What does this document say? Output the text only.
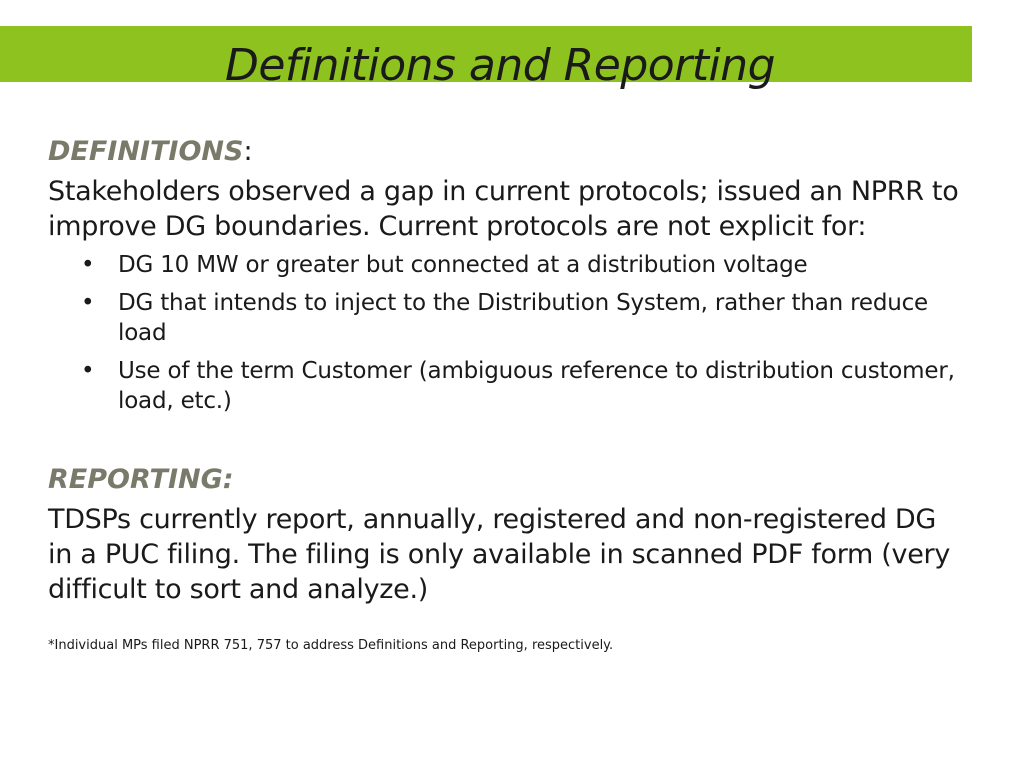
Definitions and Reporting

DEFINITIONS:

Stakeholders observed a gap in current protocols; issued an NPRR to improve DG boundaries. Current protocols are not explicit for:

• DG 10 MW or greater but connected at a distribution voltage
• DG that intends to inject to the Distribution System, rather than reduce load
• Use of the term Customer (ambiguous reference to distribution customer, load, etc.)

REPORTING:

TDSPs currently report, annually, registered and non-registered DG in a PUC filing. The filing is only available in scanned PDF form (very difficult to sort and analyze.)

*Individual MPs filed NPRR 751, 757 to address Definitions and Reporting, respectively.
